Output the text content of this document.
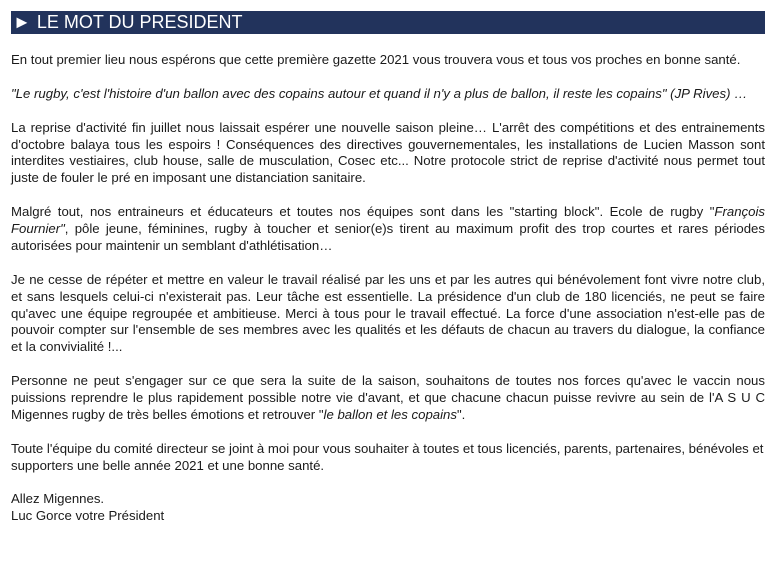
► LE MOT DU PRESIDENT

En tout premier lieu nous espérons que cette première gazette 2021 vous trouvera vous et tous vos proches en bonne santé.

"Le rugby, c'est l'histoire d'un ballon avec des copains autour et quand il n'y a plus de ballon, il reste les copains" (JP Rives) …

La reprise d'activité fin juillet nous laissait espérer une nouvelle saison pleine… L'arrêt des compétitions et des entrainements d'octobre balaya tous les espoirs ! Conséquences des directives gouvernementales, les installations de Lucien Masson sont interdites vestiaires, club house, salle de musculation, Cosec etc... Notre protocole strict de reprise d'activité nous permet tout juste de fouler le pré en imposant une distanciation sanitaire.

Malgré tout, nos entraineurs et éducateurs et toutes nos équipes sont dans les "starting block". Ecole de rugby "François Fournier", pôle jeune, féminines, rugby à toucher et senior(e)s tirent au maximum profit des trop courtes et rares périodes autorisées pour maintenir un semblant d'athlétisation…

Je ne cesse de répéter et mettre en valeur le travail réalisé par les uns et par les autres qui bénévolement font vivre notre club, et sans lesquels celui-ci n'existerait pas. Leur tâche est essentielle. La présidence d'un club de 180 licenciés, ne peut se faire qu'avec une équipe regroupée et ambitieuse. Merci à tous pour le travail effectué. La force d'une association n'est-elle pas de pouvoir compter sur l'ensemble de ses membres avec les qualités et les défauts de chacun au travers du dialogue, la confiance et la convivialité !...

Personne ne peut s'engager sur ce que sera la suite de la saison, souhaitons de toutes nos forces qu'avec le vaccin nous puissions reprendre le plus rapidement possible notre vie d'avant, et que chacune chacun puisse revivre au sein de l'A S U C Migennes rugby de très belles émotions et retrouver "le ballon et les copains".

Toute l'équipe du comité directeur se joint à moi pour vous souhaiter à toutes et tous licenciés, parents, partenaires, bénévoles et supporters une belle année 2021 et une bonne santé.

Allez Migennes.

Luc Gorce votre Président
